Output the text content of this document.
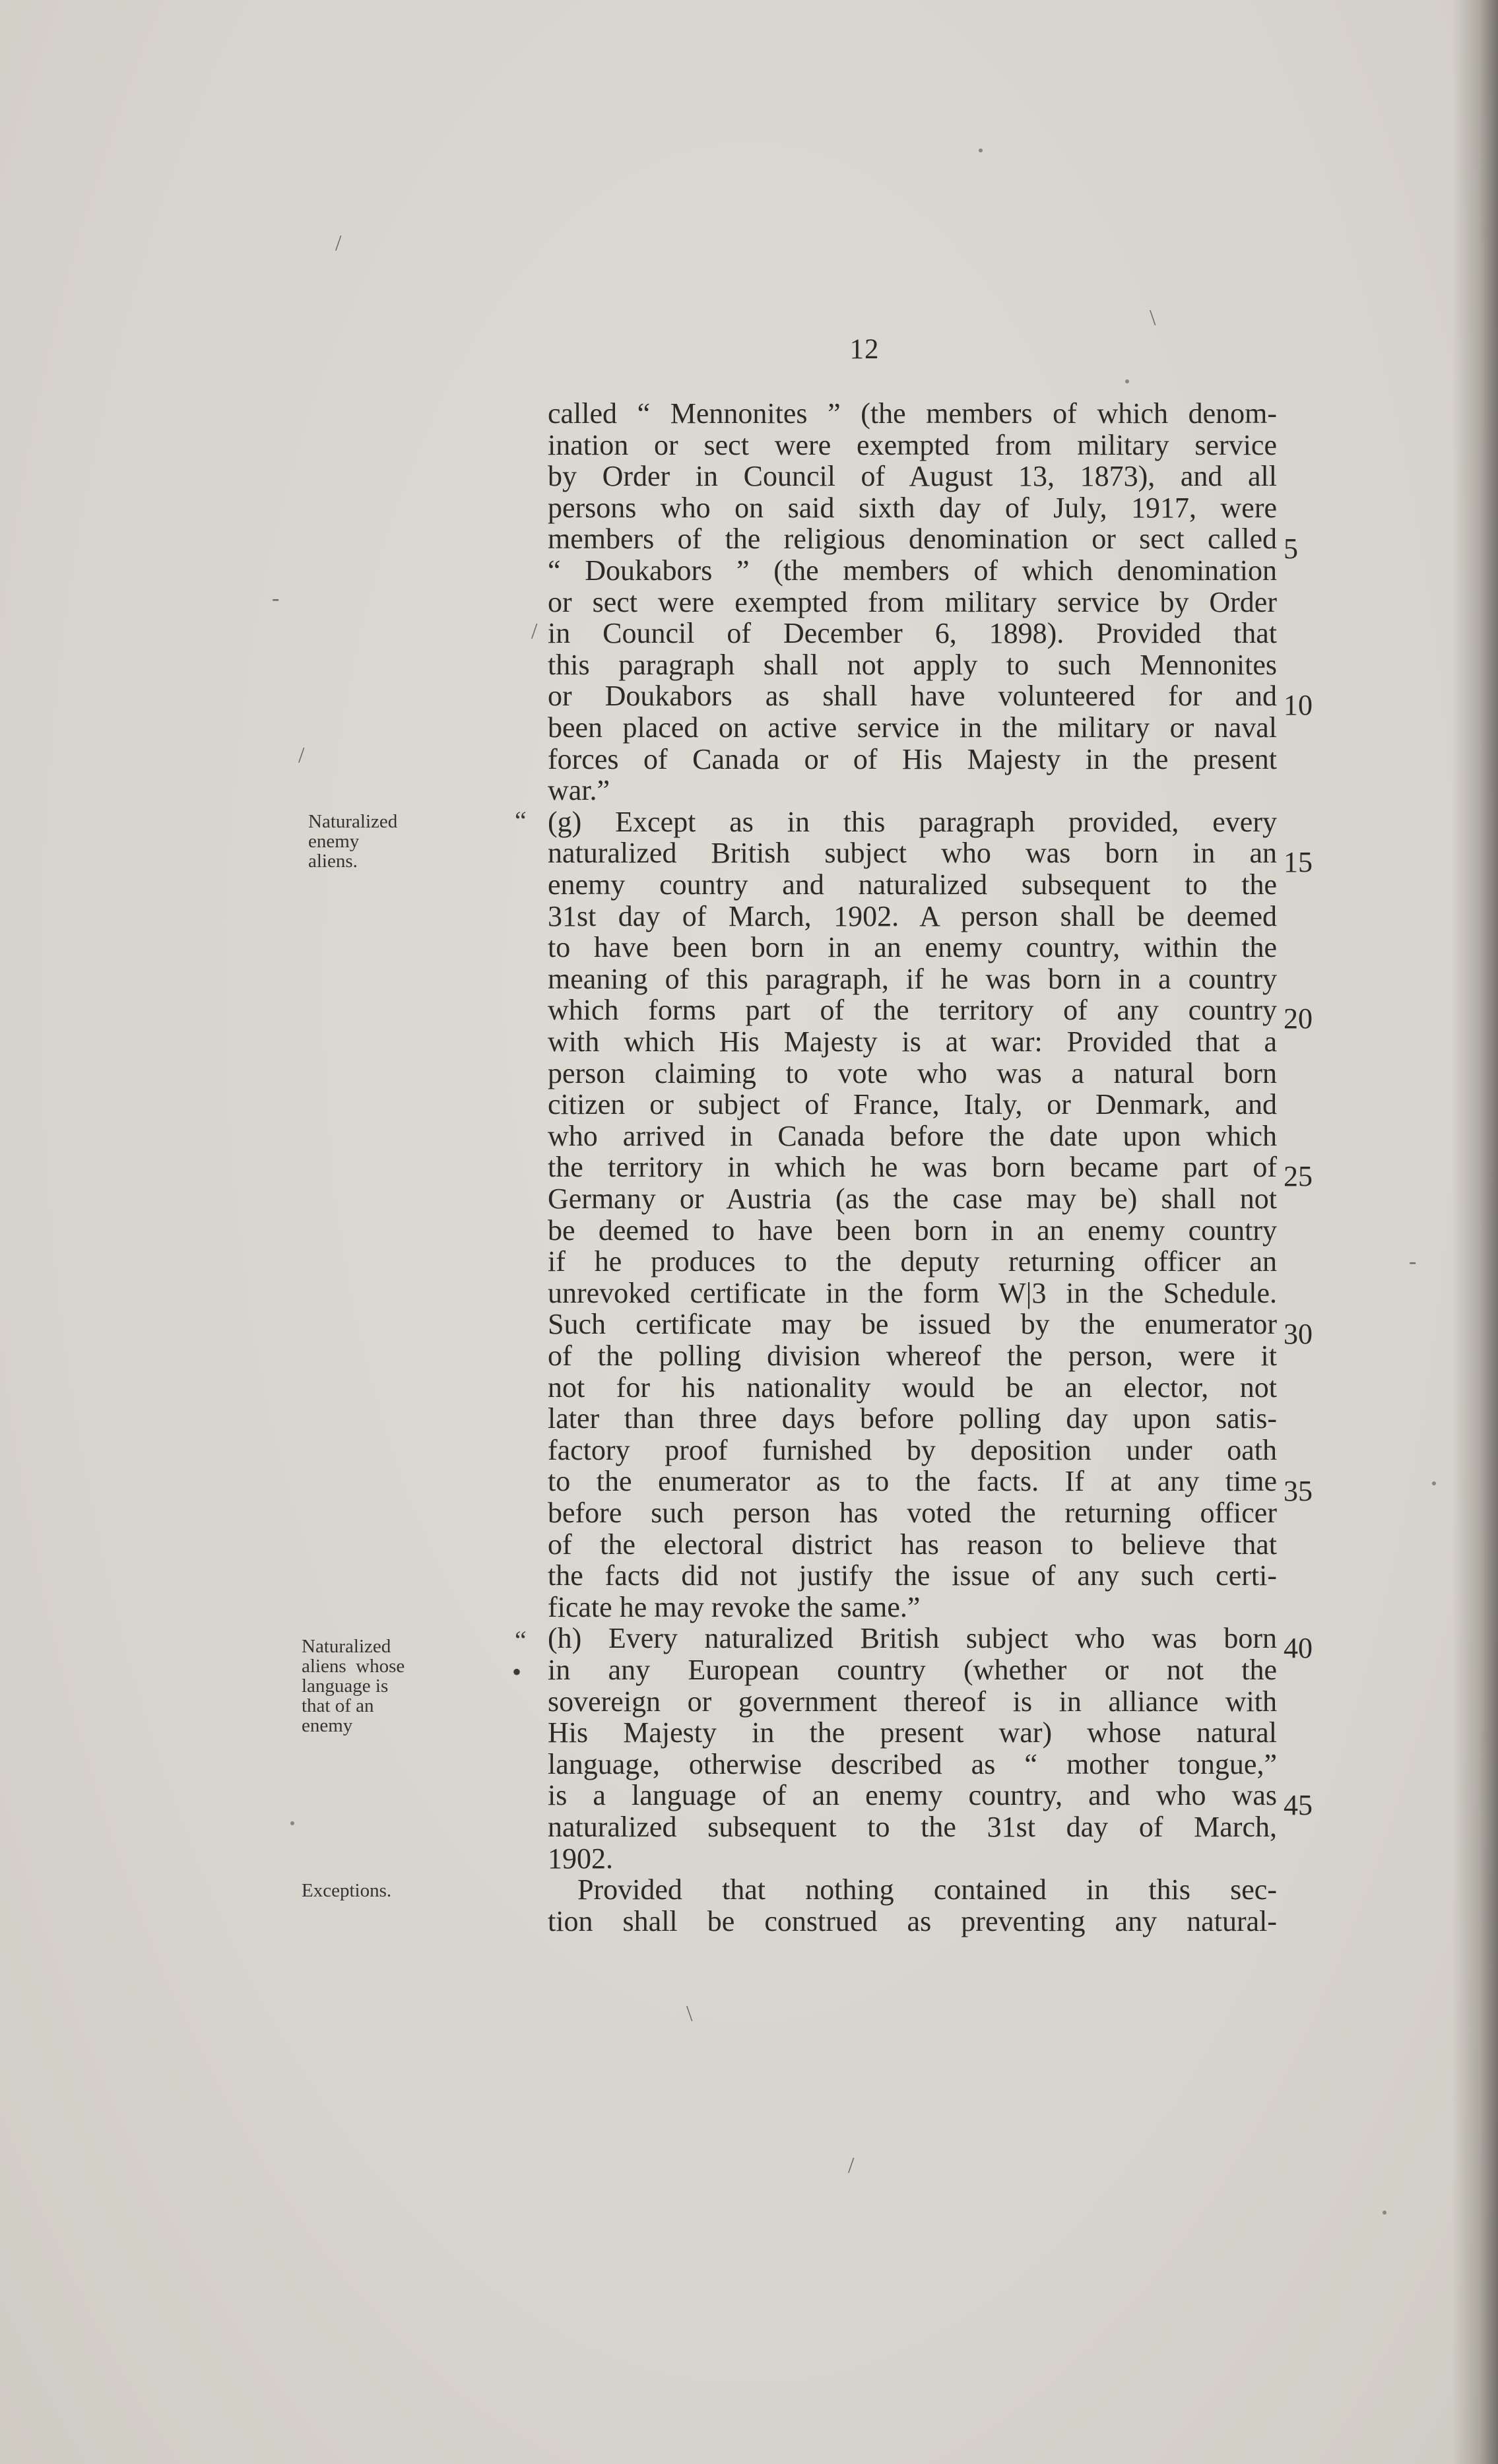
12
Naturalized
enemy
aliens.
Naturalized
aliens  whose
language is
that of an
enemy
Exceptions.
“
“
•
called “ Mennonites ” (the members of which denom-
ination or sect were exempted from military service
by Order in Council of August 13, 1873), and all
persons who on said sixth day of July, 1917, were
members of the religious denomination or sect called
“ Doukabors ” (the members of which denomination
or sect were exempted from military service by Order
in Council of December 6, 1898). Provided that
this paragraph shall not apply to such Mennonites
or Doukabors as shall have volunteered for and
been placed on active service in the military or naval
forces of Canada or of His Majesty in the present
war.”
(g) Except as in this paragraph provided, every
naturalized British subject who was born in an
enemy country and naturalized subsequent to the
31st day of March, 1902. A person shall be deemed
to have been born in an enemy country, within the
meaning of this paragraph, if he was born in a country
which forms part of the territory of any country
with which His Majesty is at war: Provided that a
person claiming to vote who was a natural born
citizen or subject of France, Italy, or Denmark, and
who arrived in Canada before the date upon which
the territory in which he was born became part of
Germany or Austria (as the case may be) shall not
be deemed to have been born in an enemy country
if he produces to the deputy returning officer an
unrevoked certificate in the form W|3 in the Schedule.
Such certificate may be issued by the enumerator
of the polling division whereof the person, were it
not for his nationality would be an elector, not
later than three days before polling day upon satis-
factory proof furnished by deposition under oath
to the enumerator as to the facts. If at any time
before such person has voted the returning officer
of the electoral district has reason to believe that
the facts did not justify the issue of any such certi-
ficate he may revoke the same.”
(h) Every naturalized British subject who was born
in any European country (whether or not the
sovereign or government thereof is in alliance with
His Majesty in the present war) whose natural
language, otherwise described as “ mother tongue,”
is a language of an enemy country, and who was
naturalized subsequent to the 31st day of March,
1902.
Provided that nothing contained in this sec-
tion shall be construed as preventing any natural-
5
10
15
20
25
30
35
40
45
/
/
/
\
\
-
-
/
